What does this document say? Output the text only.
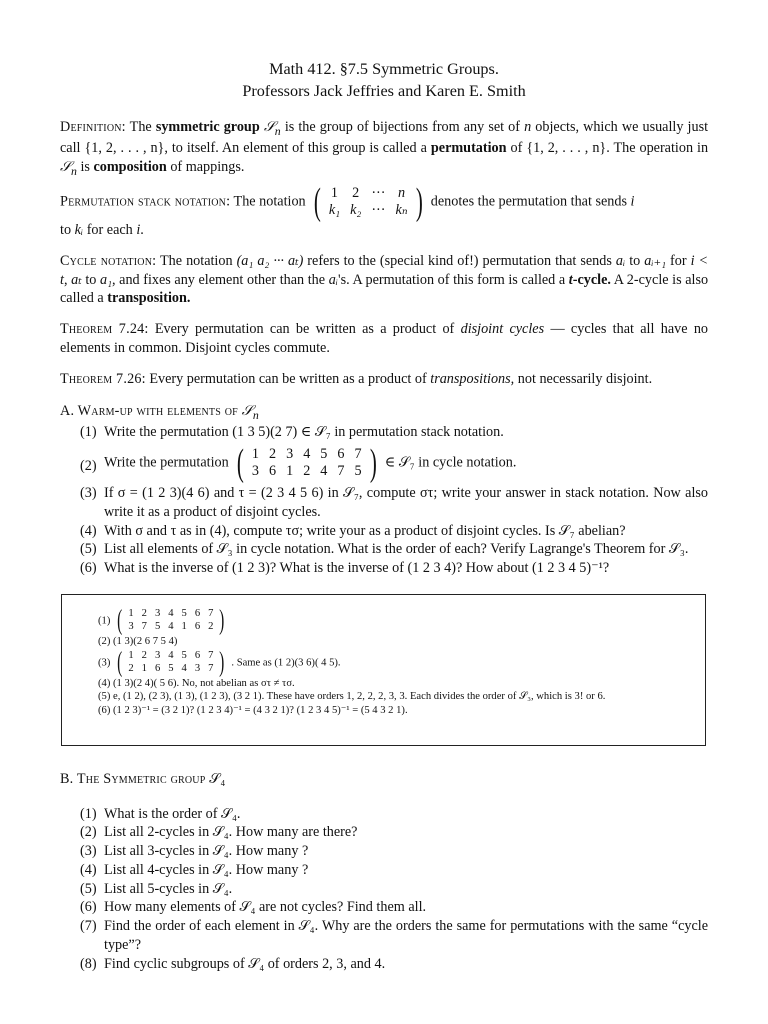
Math 412. §7.5 Symmetric Groups.
Professors Jack Jeffries and Karen E. Smith
Definition: The symmetric group 𝒮$_n$ is the group of bijections from any set of n objects, which we usually just call {1, 2, . . . , n}, to itself. An element of this group is called a permutation of {1, 2, . . . , n}. The operation in 𝒮$_n$ is composition of mappings.
Permutation stack notation: The notation ( 1	2	···	n
k₁	k₂	···	kₙ ) denotes the permutation that sends i
to kᵢ for each i.
Cycle notation: The notation (a₁ a₂ ··· aₜ) refers to the (special kind of!) permutation that sends aᵢ to aᵢ₊₁ for i < t, aₜ to a₁, and fixes any element other than the aᵢ's. A permutation of this form is called a t-cycle. A 2-cycle is also called a transposition.
Theorem 7.24: Every permutation can be written as a product of disjoint cycles — cycles that all have no elements in common. Disjoint cycles commute.
Theorem 7.26: Every permutation can be written as a product of transpositions, not necessarily disjoint.
A. Warm-up with elements of 𝒮$_n$
(1) Write the permutation (1 3 5)(2 7) ∈ 𝒮₇ in permutation stack notation.
(2) Write the permutation ( 1	2	3	4	5	6	7
3	6	1	2	4	7	5 ) ∈ 𝒮₇ in cycle notation.
(3) If σ = (1 2 3)(4 6) and τ = (2 3 4 5 6) in 𝒮₇, compute στ; write your answer in stack notation. Now also write it as a product of disjoint cycles.
(4) With σ and τ as in (4), compute τσ; write your as a product of disjoint cycles. Is 𝒮₇ abelian?
(5) List all elements of 𝒮₃ in cycle notation. What is the order of each? Verify Lagrange's Theorem for 𝒮₃.
(6) What is the inverse of (1 2 3)? What is the inverse of (1 2 3 4)? How about (1 2 3 4 5)⁻¹?
(1) ( 1	2	3	4	5	6	7
3	7	5	4	1	6	2 )
(2) (1 3)(2 6 7 5 4)
(3) ( 1	2	3	4	5	6	7
2	1	6	5	4	3	7 ) . Same as (1 2)(3 6)( 4 5).
(4) (1 3)(2 4)( 5 6). No, not abelian as στ ≠ τσ.
(5) e, (1 2), (2 3), (1 3), (1 2 3), (3 2 1). These have orders 1, 2, 2, 2, 3, 3. Each divides the order of 𝒮₃, which is 3! or 6.
(6) (1 2 3)⁻¹ = (3 2 1)? (1 2 3 4)⁻¹ = (4 3 2 1)? (1 2 3 4 5)⁻¹ = (5 4 3 2 1).
B. The Symmetric group 𝒮₄
(1) What is the order of 𝒮₄.
(2) List all 2-cycles in 𝒮₄. How many are there?
(3) List all 3-cycles in 𝒮₄. How many ?
(4) List all 4-cycles in 𝒮₄. How many ?
(5) List all 5-cycles in 𝒮₄.
(6) How many elements of 𝒮₄ are not cycles? Find them all.
(7) Find the order of each element in 𝒮₄. Why are the orders the same for permutations with the same “cycle type”?
(8) Find cyclic subgroups of 𝒮₄ of orders 2, 3, and 4.
